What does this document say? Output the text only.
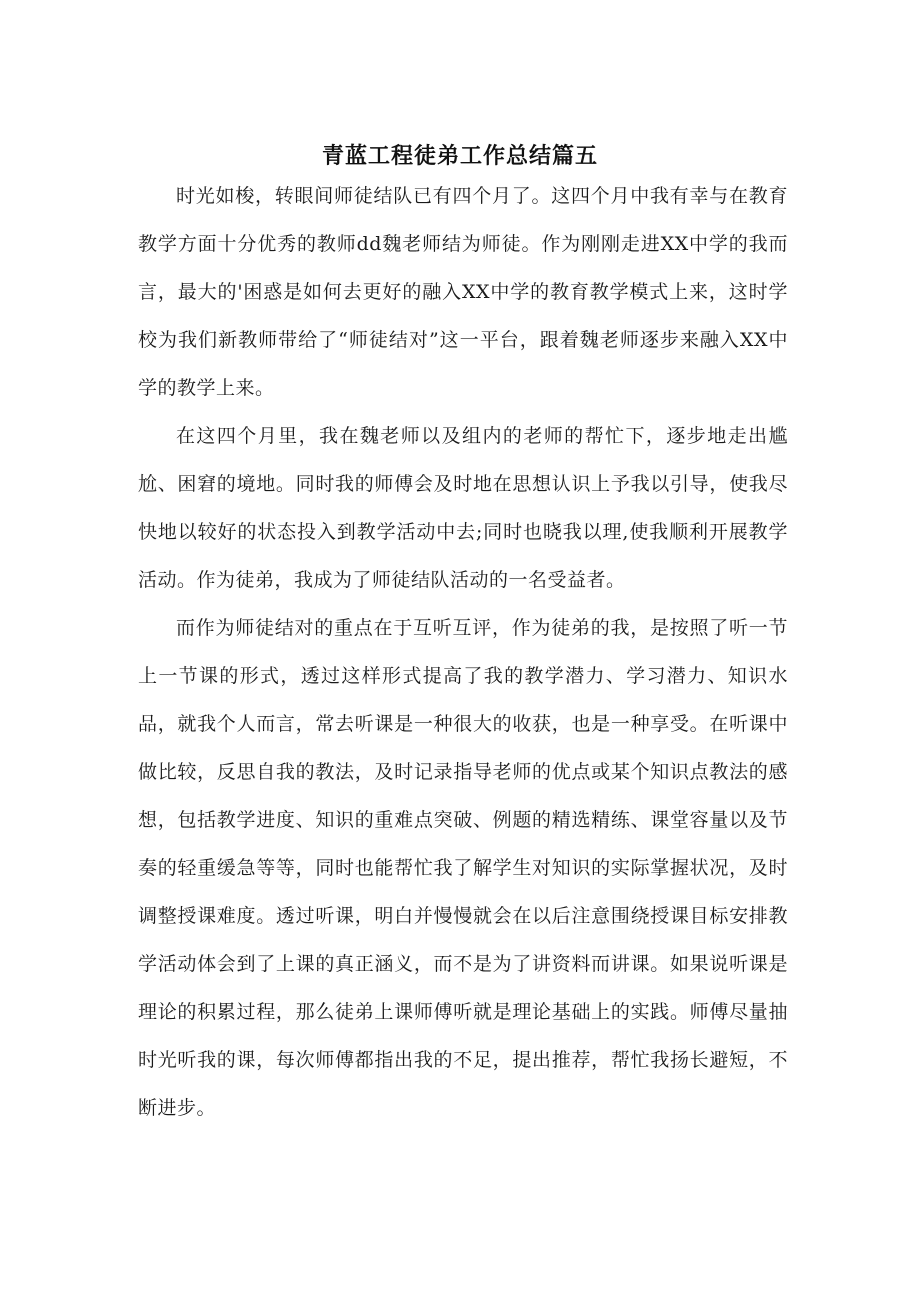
青蓝工程徒弟工作总结篇五

时光如梭，转眼间师徒结队已有四个月了。这四个月中我有幸与在教育教学方面十分优秀的教师dd魏老师结为师徒。作为刚刚走进XX中学的我而言，最大的'困惑是如何去更好的融入XX中学的教育教学模式上来，这时学校为我们新教师带给了“师徒结对”这一平台，跟着魏老师逐步来融入XX中学的教学上来。

在这四个月里，我在魏老师以及组内的老师的帮忙下，逐步地走出尴尬、困窘的境地。同时我的师傅会及时地在思想认识上予我以引导，使我尽快地以较好的状态投入到教学活动中去;同时也晓我以理,使我顺利开展教学活动。作为徒弟，我成为了师徒结队活动的一名受益者。

而作为师徒结对的重点在于互听互评，作为徒弟的我，是按照了听一节上一节课的形式，透过这样形式提高了我的教学潜力、学习潜力、知识水品，就我个人而言，常去听课是一种很大的收获，也是一种享受。在听课中做比较，反思自我的教法，及时记录指导老师的优点或某个知识点教法的感想，包括教学进度、知识的重难点突破、例题的精选精练、课堂容量以及节奏的轻重缓急等等，同时也能帮忙我了解学生对知识的实际掌握状况，及时调整授课难度。透过听课，明白并慢慢就会在以后注意围绕授课目标安排教学活动体会到了上课的真正涵义，而不是为了讲资料而讲课。如果说听课是理论的积累过程，那么徒弟上课师傅听就是理论基础上的实践。师傅尽量抽时光听我的课，每次师傅都指出我的不足，提出推荐，帮忙我扬长避短，不断进步。
